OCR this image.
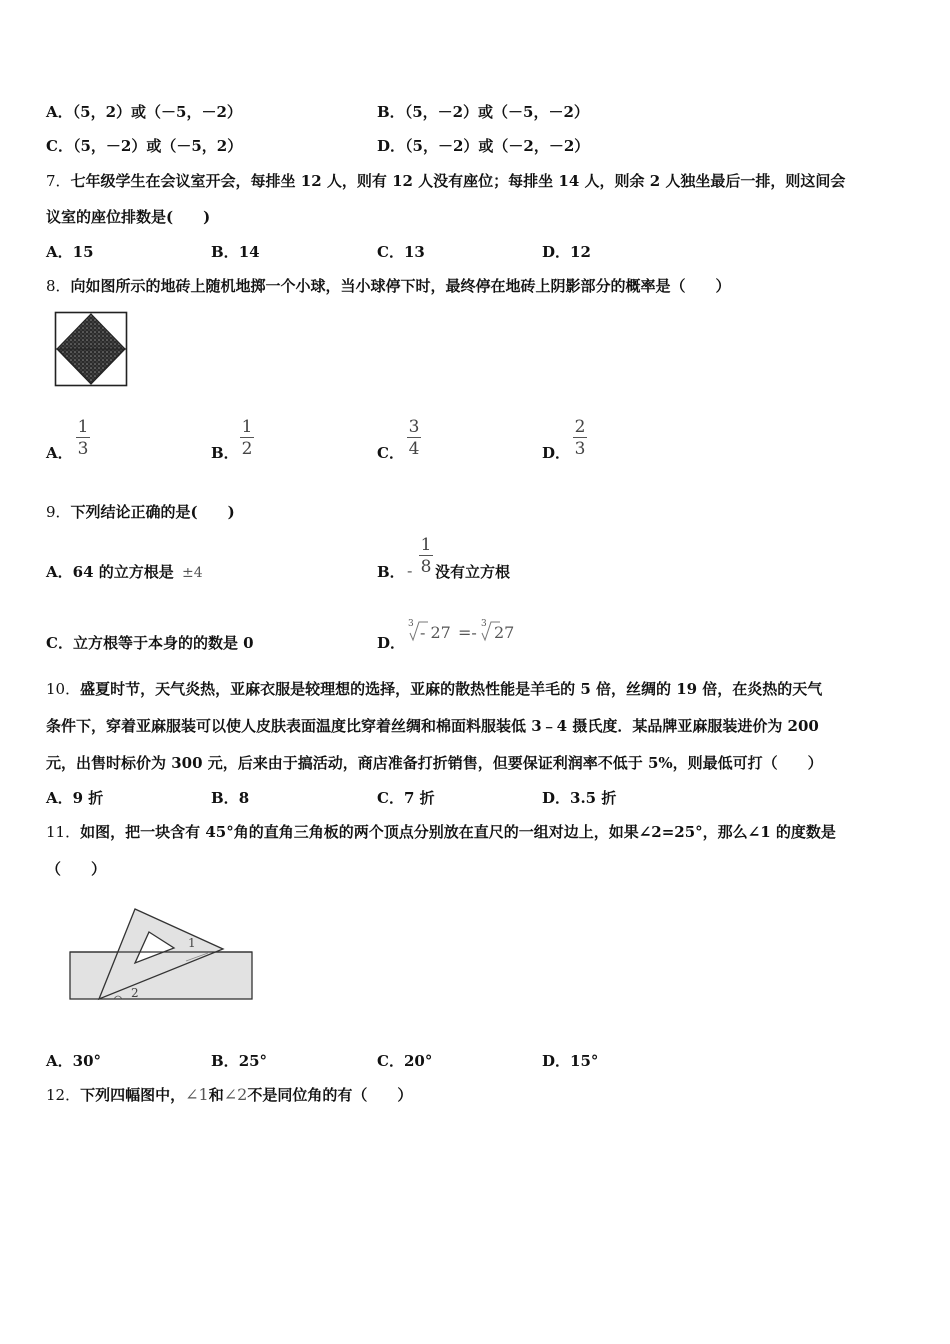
A．（5，2）或（－5，－2）	B．（5，－2）或（－5，－2）
C．（5，－2）或（－5，2）	D．（5，－2）或（－2，－2）
7．七年级学生在会议室开会，每排坐 12 人，则有 12 人没有座位；每排坐 14 人，则余 2 人独坐最后一排，则这间会
议室的座位排数是(　　)
A．15	B．14	C．13	D．12
8．向如图所示的地砖上随机地掷一个小球，当小球停下时，最终停在地砖上阴影部分的概率是（　　）
A．
1
3	B．
1
2	C．
3
4	D．
2
3
9．下列结论正确的是(　　)
A．64 的立方根是 ±4	B． -
1
8 没有立方根
C．立方根等于本身的的数是 0	D．
3 - 27 =- 3 27
10．盛夏时节，天气炎热，亚麻衣服是较理想的选择，亚麻的散热性能是羊毛的 5 倍，丝绸的 19 倍，在炎热的天气
条件下，穿着亚麻服装可以使人皮肤表面温度比穿着丝绸和棉面料服装低 3﹣4 摄氏度．某品牌亚麻服装进价为 200
元，出售时标价为 300 元，后来由于搞活动，商店准备打折销售，但要保证利润率不低于 5%，则最低可打（　　）
A．9 折	B．8	C．7 折	D．3.5 折
11．如图，把一块含有 45°角的直角三角板的两个顶点分别放在直尺的一组对边上，如果∠2=25°，那么∠1 的度数是
（　　）
1
2
A．30°	B．25°	C．20°	D．15°
12．下列四幅图中，∠1和∠2不是同位角的有（　　）
